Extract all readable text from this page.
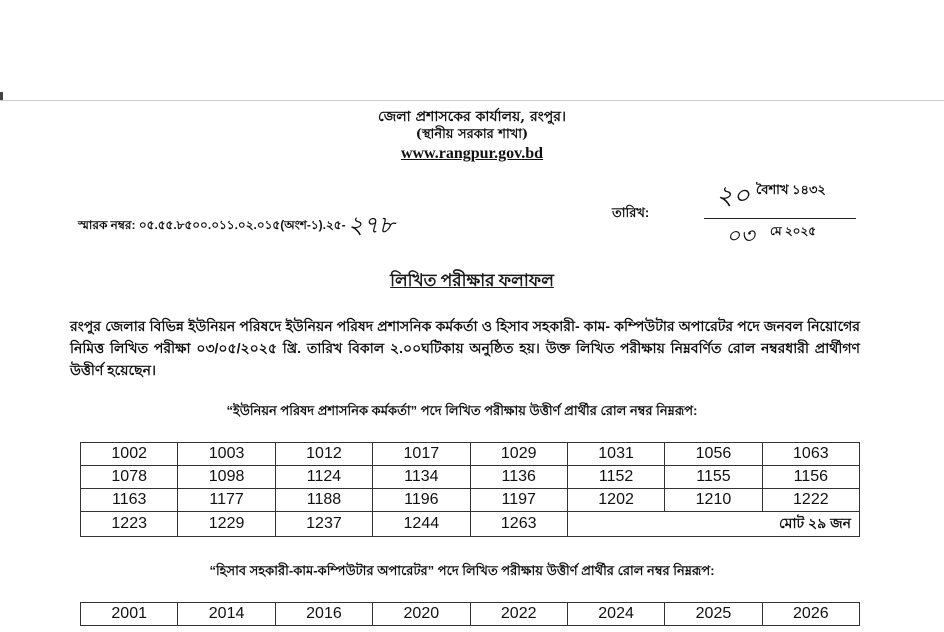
জেলা প্রশাসকের কার্যালয়, রংপুর।
(স্থানীয় সরকার শাখা)
www.rangpur.gov.bd
স্মারক নম্বর: ০৫.৫৫.৮৫০০.০১১.০২.০১৫(অংশ-১).২৫-২৭৮	তারিখ:
২০ বৈশাখ ১৪৩২
০৩ মে ২০২৫
লিখিত পরীক্ষার ফলাফল
রংপুর জেলার বিভিন্ন ইউনিয়ন পরিষদে ইউনিয়ন পরিষদ প্রশাসনিক কর্মকর্তা ও হিসাব সহকারী- কাম- কম্পিউটার অপারেটর পদে জনবল নিয়োগের নিমিত্ত লিখিত পরীক্ষা ০৩/০৫/২০২৫ খ্রি. তারিখ বিকাল ২.০০ঘটিকায় অনুষ্ঠিত হয়। উক্ত লিখিত পরীক্ষায় নিম্নবর্ণিত রোল নম্বরধারী প্রার্থীগণ উত্তীর্ণ হয়েছেন।
“ইউনিয়ন পরিষদ প্রশাসনিক কর্মকর্তা” পদে লিখিত পরীক্ষায় উত্তীর্ণ প্রার্থীর রোল নম্বর নিম্নরূপ:
1002	1003	1012	1017	1029	1031	1056	1063
1078	1098	1124	1134	1136	1152	1155	1156
1163	1177	1188	1196	1197	1202	1210	1222
1223	1229	1237	1244	1263	মোট ২৯ জন		
“হিসাব সহকারী-কাম-কম্পিউটার অপারেটর” পদে লিখিত পরীক্ষায় উত্তীর্ণ প্রার্থীর রোল নম্বর নিম্নরূপ:
2001	2014	2016	2020	2022	2024	2025	2026
